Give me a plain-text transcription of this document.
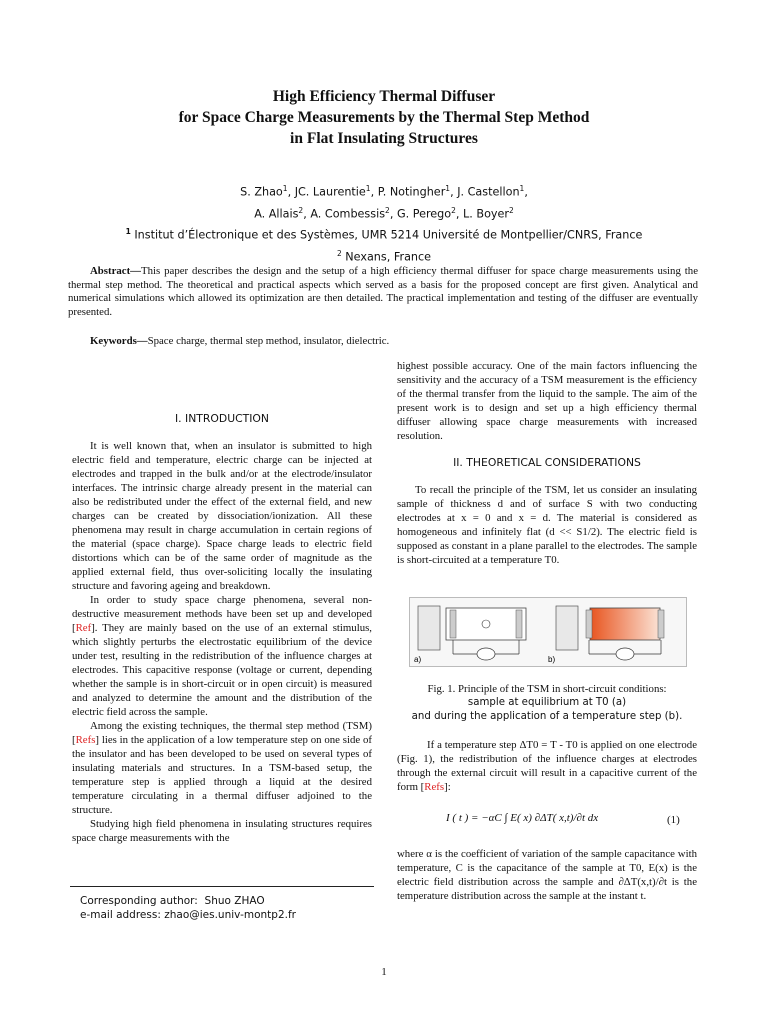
High Efficiency Thermal Diffuser
for Space Charge Measurements by the Thermal Step Method
in Flat Insulating Structures
S. Zhao$^1$, JC. Laurentie$^1$, P. Notingher$^1$, J. Castellon$^1$,
A. Allais$^2$, A. Combessis$^2$, G. Perego$^2$, L. Boyer$^2$
$^1$ Institut d’Électronique et des Systèmes, UMR 5214 Université de Montpellier/CNRS, France
$^2$ Nexans, France
Abstract—This paper describes the design and the setup of a high efficiency thermal diffuser for space charge measurements using the thermal step method. The theoretical and practical aspects which served as a basis for the proposed concept are first given. Analytical and numerical simulations which allowed its optimization are then detailed. The practical implementation and testing of the diffuser are eventually presented.
Keywords—Space charge, thermal step method, insulator, dielectric.
I. INTRODUCTION

It is well known that, when an insulator is submitted to high electric field and temperature, electric charge can be injected at electrodes and trapped in the bulk and/or at the electrode/insulator interfaces. The intrinsic charge already present in the material can also be redistributed under the effect of the external field, and new charges can be created by dissociation/ionization. All these phenomena may result in charge accumulation in certain regions of the material (space charge). Space charge leads to electric field distortions which can be of the same order of magnitude as the applied external field, thus over-soliciting locally the insulating structure and favoring ageing and breakdown.

In order to study space charge phenomena, several non-destructive measurement methods have been set up and developed [Ref]. They are mainly based on the use of an external stimulus, which slightly perturbs the electrostatic equilibrium of the device under test, resulting in the redistribution of the influence charges at electrodes. This capacitive response (voltage or current, depending whether the sample is in short-circuit or in open circuit) is measured and analyzed to determine the amount and the distribution of the electric field across the sample.

Among the existing techniques, the thermal step method (TSM) [Refs] lies in the application of a low temperature step on one side of the insulator and has been developed to be used on several types of insulating materials and structures. In a TSM-based setup, the temperature step is applied through a liquid at the desired temperature circulating in a thermal diffuser adjoined to the structure.

Studying high field phenomena in insulating structures requires space charge measurements with the

highest possible accuracy. One of the main factors influencing the sensitivity and the accuracy of a TSM measurement is the efficiency of the thermal transfer from the liquid to the sample. The aim of the present work is to design and set up a high efficiency thermal diffuser allowing space charge measurements with increased resolution.

II. THEORETICAL CONSIDERATIONS

To recall the principle of the TSM, let us consider an insulating sample of thickness d and of surface S with two conducting electrodes at x = 0 and x = d. The material is considered as homogeneous and infinitely flat (d << S1/2). The electric field is supposed as constant in a plane parallel to the electrodes. The sample is short-circuited at a temperature T0.

a)	b)
Fig. 1. Principle of the TSM in short-circuit conditions:
sample at equilibrium at T0 (a)
and during the application of a temperature step (b).

If a temperature step ΔT0 = T - T0 is applied on one electrode (Fig. 1), the redistribution of the influence charges at electrodes through the external circuit will result in a capacitive current of the form [Refs]:

I ( t ) = −αC ∫ E( x) ∂ΔT( x,t)/∂t dx	(1)

where α is the coefficient of variation of the sample capacitance with temperature, C is the capacitance of the sample at T0, E(x) is the electric field distribution across the sample and ∂ΔT(x,t)/∂t is the temperature distribution across the sample at the instant t.

Corresponding author: Shuo ZHAO
e-mail address: zhao@ies.univ-montp2.fr
1
